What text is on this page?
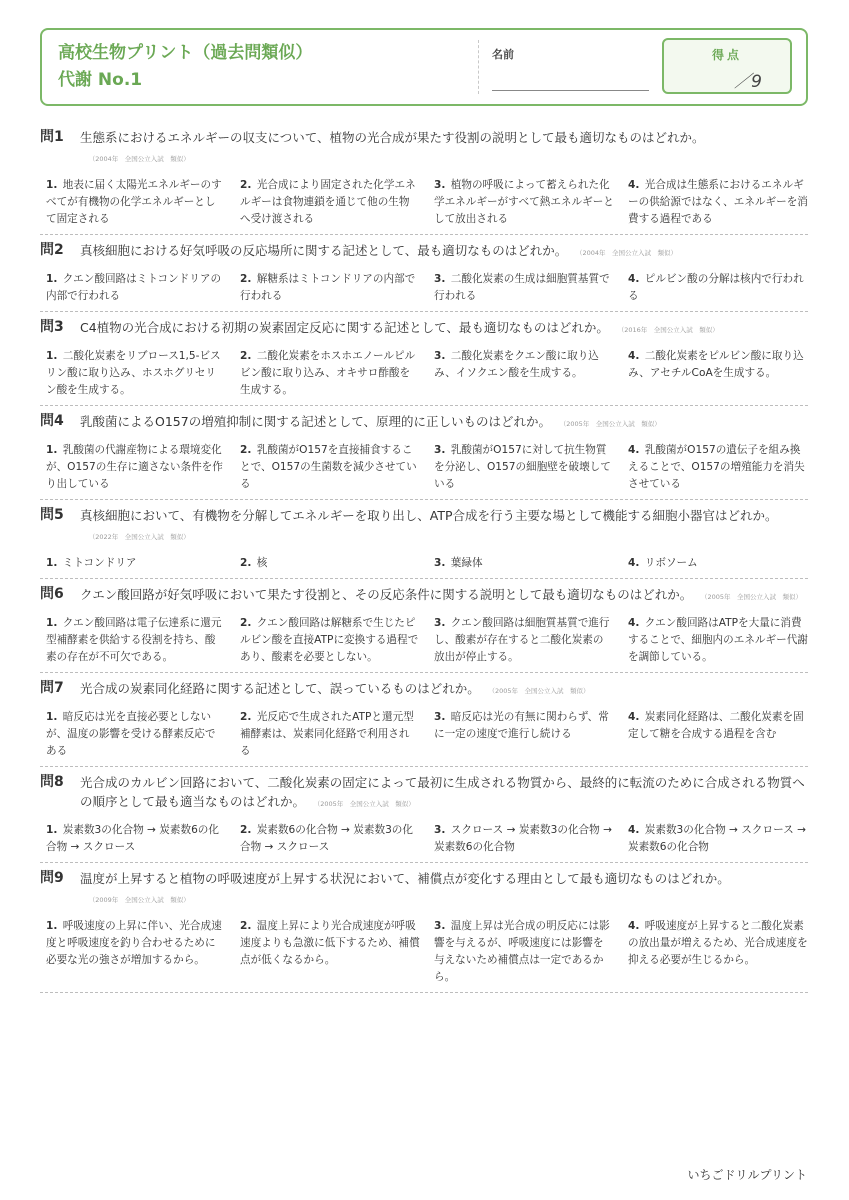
高校生物プリント（過去問類似）
代謝 No.1
名前	得点
／9
問1 生態系におけるエネルギーの収支について、植物の光合成が果たす役割の説明として最も適切なものはどれか。（2004年　全国公立入試　類似）
1. 地表に届く太陽光エネルギーのすべてが有機物の化学エネルギーとして固定される
2. 光合成により固定された化学エネルギーは食物連鎖を通じて他の生物へ受け渡される
3. 植物の呼吸によって蓄えられた化学エネルギーがすべて熱エネルギーとして放出される
4. 光合成は生態系におけるエネルギーの供給源ではなく、エネルギーを消費する過程である
問2 真核細胞における好気呼吸の反応場所に関する記述として、最も適切なものはどれか。 （2004年　全国公立入試　類似）
1. クエン酸回路はミトコンドリアの内部で行われる
2. 解糖系はミトコンドリアの内部で行われる
3. 二酸化炭素の生成は細胞質基質で行われる
4. ピルビン酸の分解は核内で行われる
問3 C4植物の光合成における初期の炭素固定反応に関する記述として、最も適切なものはどれか。 （2016年　全国公立入試　類似）
1. 二酸化炭素をリブロース1,5-ビスリン酸に取り込み、ホスホグリセリン酸を生成する。
2. 二酸化炭素をホスホエノールピルビン酸に取り込み、オキサロ酢酸を生成する。
3. 二酸化炭素をクエン酸に取り込み、イソクエン酸を生成する。
4. 二酸化炭素をピルビン酸に取り込み、アセチルCoAを生成する。
問4 乳酸菌によるO157の増殖抑制に関する記述として、原理的に正しいものはどれか。 （2005年　全国公立入試　類似）
1. 乳酸菌の代謝産物による環境変化が、O157の生存に適さない条件を作り出している
2. 乳酸菌がO157を直接捕食することで、O157の生菌数を減少させている
3. 乳酸菌がO157に対して抗生物質を分泌し、O157の細胞壁を破壊している
4. 乳酸菌がO157の遺伝子を組み換えることで、O157の増殖能力を消失させている
問5 真核細胞において、有機物を分解してエネルギーを取り出し、ATP合成を行う主要な場として機能する細胞小器官はどれか。（2022年　全国公立入試　類似）
1. ミトコンドリア	2. 核	3. 葉緑体	4. リボソーム
問6 クエン酸回路が好気呼吸において果たす役割と、その反応条件に関する説明として最も適切なものはどれか。 （2005年　全国公立入試　類似）
1. クエン酸回路は電子伝達系に還元型補酵素を供給する役割を持ち、酸素の存在が不可欠である。
2. クエン酸回路は解糖系で生じたピルビン酸を直接ATPに変換する過程であり、酸素を必要としない。
3. クエン酸回路は細胞質基質で進行し、酸素が存在すると二酸化炭素の放出が停止する。
4. クエン酸回路はATPを大量に消費することで、細胞内のエネルギー代謝を調節している。
問7 光合成の炭素同化経路に関する記述として、誤っているものはどれか。 （2005年　全国公立入試　類似）
1. 暗反応は光を直接必要としないが、温度の影響を受ける酵素反応である
2. 光反応で生成されたATPと還元型補酵素は、炭素同化経路で利用される
3. 暗反応は光の有無に関わらず、常に一定の速度で進行し続ける
4. 炭素同化経路は、二酸化炭素を固定して糖を合成する過程を含む
問8 光合成のカルビン回路において、二酸化炭素の固定によって最初に生成される物質から、最終的に転流のために合成される物質への順序として最も適当なものはどれか。 （2005年　全国公立入試　類似）
1. 炭素数3の化合物 → 炭素数6の化合物 → スクロース
2. 炭素数6の化合物 → 炭素数3の化合物 → スクロース
3. スクロース → 炭素数3の化合物 → 炭素数6の化合物
4. 炭素数3の化合物 → スクロース → 炭素数6の化合物
問9 温度が上昇すると植物の呼吸速度が上昇する状況において、補償点が変化する理由として最も適切なものはどれか。（2009年　全国公立入試　類似）
1. 呼吸速度の上昇に伴い、光合成速度と呼吸速度を釣り合わせるために必要な光の強さが増加するから。
2. 温度上昇により光合成速度が呼吸速度よりも急激に低下するため、補償点が低くなるから。
3. 温度上昇は光合成の明反応には影響を与えるが、呼吸速度には影響を与えないため補償点は一定であるから。
4. 呼吸速度が上昇すると二酸化炭素の放出量が増えるため、光合成速度を抑える必要が生じるから。
いちごドリルプリント
